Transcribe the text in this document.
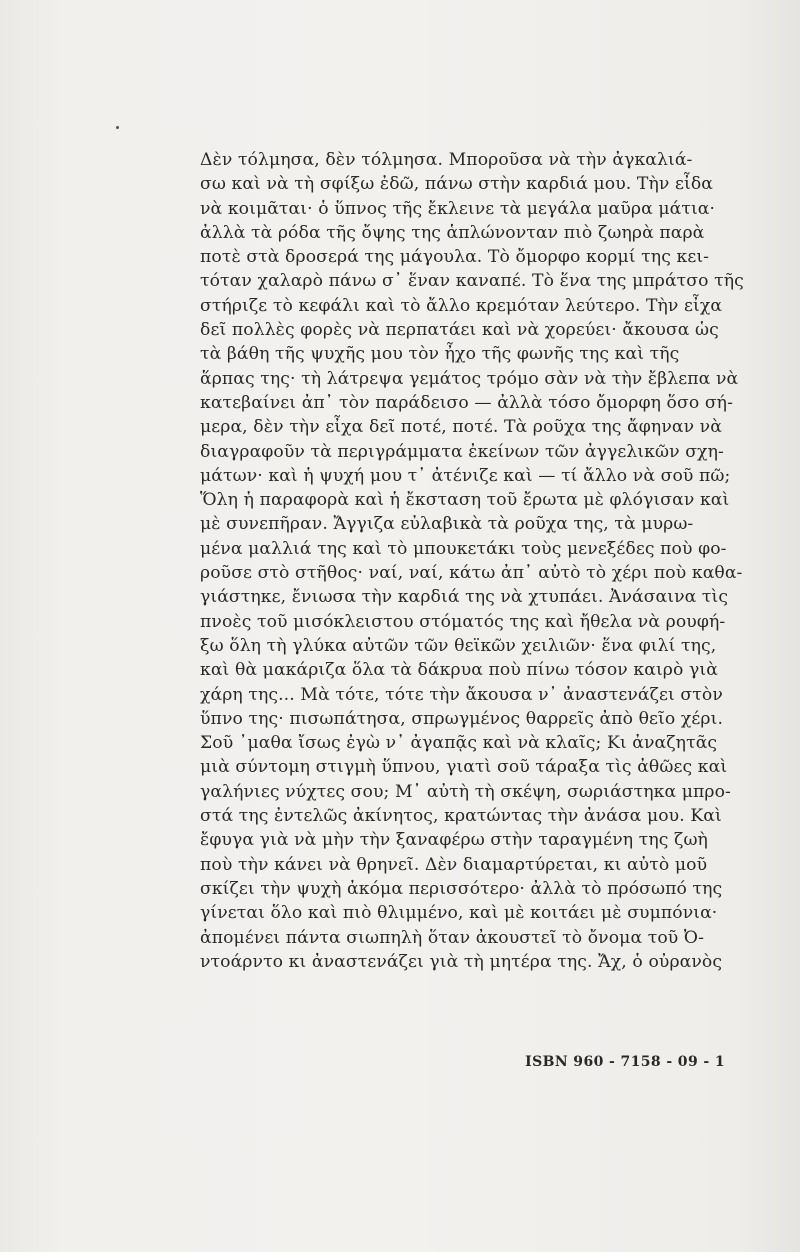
Δὲν τόλμησα, δὲν τόλμησα. Μποροῦσα νὰ τὴν ἀγκαλιά-
σω καὶ νὰ τὴ σφίξω ἐδῶ, πάνω στὴν καρδιά μου. Τὴν εἶδα
νὰ κοιμᾶται· ὁ ὕπνος τῆς ἔκλεινε τὰ μεγάλα μαῦρα μάτια·
ἀλλὰ τὰ ρόδα τῆς ὄψης της ἁπλώνονταν πιὸ ζωηρὰ παρὰ
ποτὲ στὰ δροσερά της μάγουλα. Τὸ ὄμορφο κορμί της κει-
τόταν χαλαρὸ πάνω σ᾽ ἕναν καναπέ. Τὸ ἕνα της μπράτσο τῆς
στήριζε τὸ κεφάλι καὶ τὸ ἄλλο κρεμόταν λεύτερο. Τὴν εἶχα
δεῖ πολλὲς φορὲς νὰ περπατάει καὶ νὰ χορεύει· ἄκουσα ὡς
τὰ βάθη τῆς ψυχῆς μου τὸν ἦχο τῆς φωνῆς της καὶ τῆς
ἅρπας της· τὴ λάτρεψα γεμάτος τρόμο σὰν νὰ τὴν ἔβλεπα νὰ
κατεβαίνει ἀπ᾽ τὸν παράδεισο — ἀλλὰ τόσο ὄμορφη ὅσο σή-
μερα, δὲν τὴν εἶχα δεῖ ποτέ, ποτέ. Τὰ ροῦχα της ἄφηναν νὰ
διαγραφοῦν τὰ περιγράμματα ἐκείνων τῶν ἀγγελικῶν σχη-
μάτων· καὶ ἡ ψυχή μου τ᾽ ἀτένιζε καὶ — τί ἄλλο νὰ σοῦ πῶ;
Ὅλη ἡ παραφορὰ καὶ ἡ ἔκσταση τοῦ ἔρωτα μὲ φλόγισαν καὶ
μὲ συνεπῆραν. Ἄγγιζα εὐλαβικὰ τὰ ροῦχα της, τὰ μυρω-
μένα μαλλιά της καὶ τὸ μπουκετάκι τοὺς μενεξέδες ποὺ φο-
ροῦσε στὸ στῆθος· ναί, ναί, κάτω ἀπ᾽ αὐτὸ τὸ χέρι ποὺ καθα-
γιάστηκε, ἔνιωσα τὴν καρδιά της νὰ χτυπάει. Ἀνάσαινα τὶς
πνοὲς τοῦ μισόκλειστου στόματός της καὶ ἤθελα νὰ ρουφή-
ξω ὅλη τὴ γλύκα αὐτῶν τῶν θεϊκῶν χειλιῶν· ἕνα φιλί της,
καὶ θὰ μακάριζα ὅλα τὰ δάκρυα ποὺ πίνω τόσον καιρὸ γιὰ
χάρη της... Μὰ τότε, τότε τὴν ἄκουσα ν᾽ ἀναστενάζει στὸν
ὕπνο της· πισωπάτησα, σπρωγμένος θαρρεῖς ἀπὸ θεῖο χέρι.
Σοῦ ᾽μαθα ἴσως ἐγὼ ν᾽ ἀγαπᾷς καὶ νὰ κλαῖς; Κι ἀναζητᾶς
μιὰ σύντομη στιγμὴ ὕπνου, γιατὶ σοῦ τάραξα τὶς ἀθῶες καὶ
γαλήνιες νύχτες σου; Μ᾽ αὐτὴ τὴ σκέψη, σωριάστηκα μπρο-
στά της ἐντελῶς ἀκίνητος, κρατώντας τὴν ἀνάσα μου. Καὶ
ἔφυγα γιὰ νὰ μὴν τὴν ξαναφέρω στὴν ταραγμένη της ζωὴ
ποὺ τὴν κάνει νὰ θρηνεῖ. Δὲν διαμαρτύρεται, κι αὐτὸ μοῦ
σκίζει τὴν ψυχὴ ἀκόμα περισσότερο· ἀλλὰ τὸ πρόσωπό της
γίνεται ὅλο καὶ πιὸ θλιμμένο, καὶ μὲ κοιτάει μὲ συμπόνια·
ἀπομένει πάντα σιωπηλὴ ὅταν ἀκουστεῖ τὸ ὄνομα τοῦ Ὀ-
ντοάρντο κι ἀναστενάζει γιὰ τὴ μητέρα της. Ἄχ, ὁ οὐρανὸς
ISBN 960 - 7158 - 09 - 1
